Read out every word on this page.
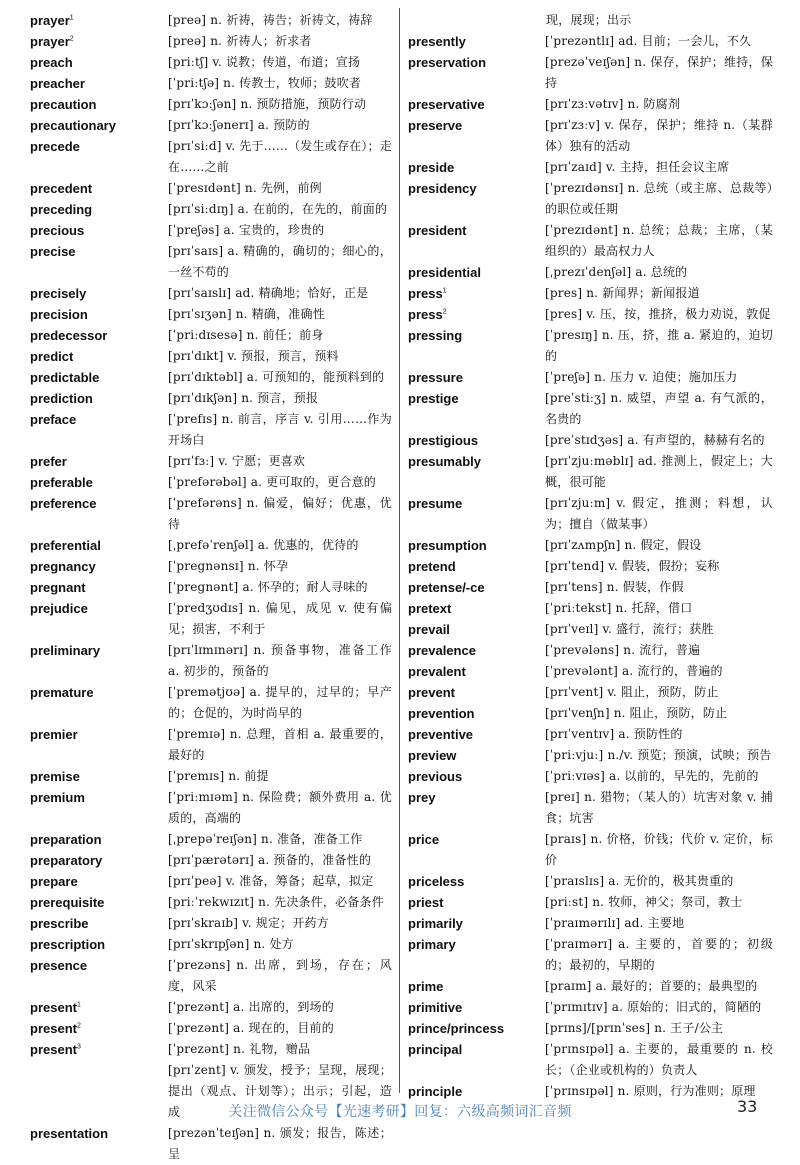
prayer$^1$	[preə] n. 祈祷，祷告；祈祷文，祷辞
prayer$^2$	[preə] n. 祈祷人；祈求者
preach	[priːtʃ] v. 说教；传道，布道；宣扬
preacher	[ˈpriːtʃə] n. 传教士，牧师；鼓吹者
precaution	[prɪˈkɔːʃən] n. 预防措施，预防行动
precautionary	[prɪˈkɔːʃənerɪ] a. 预防的
precede	[prɪˈsiːd] v. 先于……（发生或存在）；走在……之前
precedent	[ˈpresɪdənt] n. 先例，前例
preceding	[prɪˈsiːdɪŋ] a. 在前的，在先的，前面的
precious	[ˈpreʃəs] a. 宝贵的，珍贵的
precise	[prɪˈsaɪs] a. 精确的，确切的；细心的，一丝不苟的
precisely	[prɪˈsaɪslɪ] ad. 精确地；恰好，正是
precision	[prɪˈsɪʒən] n. 精确，准确性
predecessor	[ˈpriːdɪsesə] n. 前任；前身
predict	[prɪˈdɪkt] v. 预报，预言，预料
predictable	[prɪˈdɪktəbl] a. 可预知的，能预料到的
prediction	[prɪˈdɪkʃən] n. 预言，预报
preface	[ˈprefɪs] n. 前言，序言 v. 引用……作为开场白
prefer	[prɪˈfɜː] v. 宁愿；更喜欢
preferable	[ˈprefərəbəl] a. 更可取的，更合意的
preference	[ˈprefərəns] n. 偏爱，偏好；优惠，优待
preferential	[ˌprefəˈrenʃəl] a. 优惠的，优待的
pregnancy	[ˈpregnənsɪ] n. 怀孕
pregnant	[ˈpregnənt] a. 怀孕的；耐人寻味的
prejudice	[ˈpredʒʊdɪs] n. 偏见，成见 v. 使有偏见；损害，不利于
preliminary	[prɪˈlɪmɪnərɪ] n. 预备事物，准备工作 a. 初步的，预备的
premature	[ˈpremətjʊə] a. 提早的，过早的；早产的；仓促的，为时尚早的
premier	[ˈpremɪə] n. 总理，首相 a. 最重要的，最好的
premise	[ˈpremɪs] n. 前提
premium	[ˈpriːmɪəm] n. 保险费；额外费用 a. 优质的，高端的
preparation	[ˌprepəˈreɪʃən] n. 准备，准备工作
preparatory	[prɪˈpærətərɪ] a. 预备的，准备性的
prepare	[prɪˈpeə] v. 准备，筹备；起草，拟定
prerequisite	[priːˈrekwɪzɪt] n. 先决条件，必备条件
prescribe	[prɪˈskraɪb] v. 规定；开药方
prescription	[prɪˈskrɪpʃən] n. 处方
presence	[ˈprezəns] n. 出席，到场，存在；风度，风采
present$^1$	[ˈprezənt] a. 出席的，到场的
present$^2$	[ˈprezənt] a. 现在的，目前的
present$^3$	[ˈprezənt] n. 礼物，赠品
[prɪˈzent] v. 颁发，授予；呈现，展现；提出（观点、计划等）；出示；引起，造成
presentation	[prezənˈteɪʃən] n. 颁发；报告，陈述；呈
现，展现；出示
presently	[ˈprezəntlɪ] ad. 目前；一会儿，不久
preservation	[prezəˈveɪʃən] n. 保存，保护；维持，保持
preservative	[prɪˈzɜːvətɪv] n. 防腐剂
preserve	[prɪˈzɜːv] v. 保存，保护；维持 n.（某群体）独有的活动
preside	[prɪˈzaɪd] v. 主持，担任会议主席
presidency	[ˈprezɪdənsɪ] n. 总统（或主席、总裁等）的职位或任期
president	[ˈprezɪdənt] n. 总统；总裁；主席，（某组织的）最高权力人
presidential	[ˌprezɪˈdenʃəl] a. 总统的
press$^1$	[pres] n. 新闻界；新闻报道
press$^2$	[pres] v. 压，按，推挤，极力劝说，敦促
pressing	[ˈpresɪŋ] n. 压，挤，推 a. 紧迫的，迫切的
pressure	[ˈpreʃə] n. 压力 v. 迫使；施加压力
prestige	[preˈstiːʒ] n. 威望，声望 a. 有气派的，名贵的
prestigious	[preˈstɪdʒəs] a. 有声望的，赫赫有名的
presumably	[prɪˈzjuːməblɪ] ad. 推测上，假定上；大概，很可能
presume	[prɪˈzjuːm] v. 假定，推测；料想，认为；擅自（做某事）
presumption	[prɪˈzʌmpʃn] n. 假定，假设
pretend	[prɪˈtend] v. 假装，假扮；妄称
pretense/-ce	[prɪˈtens] n. 假装，作假
pretext	[ˈpriːtekst] n. 托辞，借口
prevail	[prɪˈveɪl] v. 盛行，流行；获胜
prevalence	[ˈprevələns] n. 流行，普遍
prevalent	[ˈprevələnt] a. 流行的，普遍的
prevent	[prɪˈvent] v. 阻止，预防，防止
prevention	[prɪˈvenʃn] n. 阻止，预防，防止
preventive	[prɪˈventɪv] a. 预防性的
preview	[ˈpriːvjuː] n./v. 预览；预演，试映；预告
previous	[ˈpriːvɪəs] a. 以前的，早先的，先前的
prey	[preɪ] n. 猎物；（某人的）坑害对象 v. 捕食；坑害
price	[praɪs] n. 价格，价钱；代价 v. 定价，标价
priceless	[ˈpraɪslɪs] a. 无价的，极其贵重的
priest	[priːst] n. 牧师，神父；祭司，教士
primarily	[ˈpraɪmərɪlɪ] ad. 主要地
primary	[ˈpraɪmərɪ] a. 主要的，首要的；初级的；最初的，早期的
prime	[praɪm] a. 最好的；首要的；最典型的
primitive	[ˈprɪmɪtɪv] a. 原始的；旧式的，简陋的
prince/princess	[prɪns]/[prɪnˈses] n. 王子/公主
principal	[ˈprɪnsɪpəl] a. 主要的，最重要的 n. 校长；（企业或机构的）负责人
principle	[ˈprɪnsɪpəl] n. 原则，行为准则；原理
关注微信公众号【光速考研】回复：六级高频词汇音频	33
